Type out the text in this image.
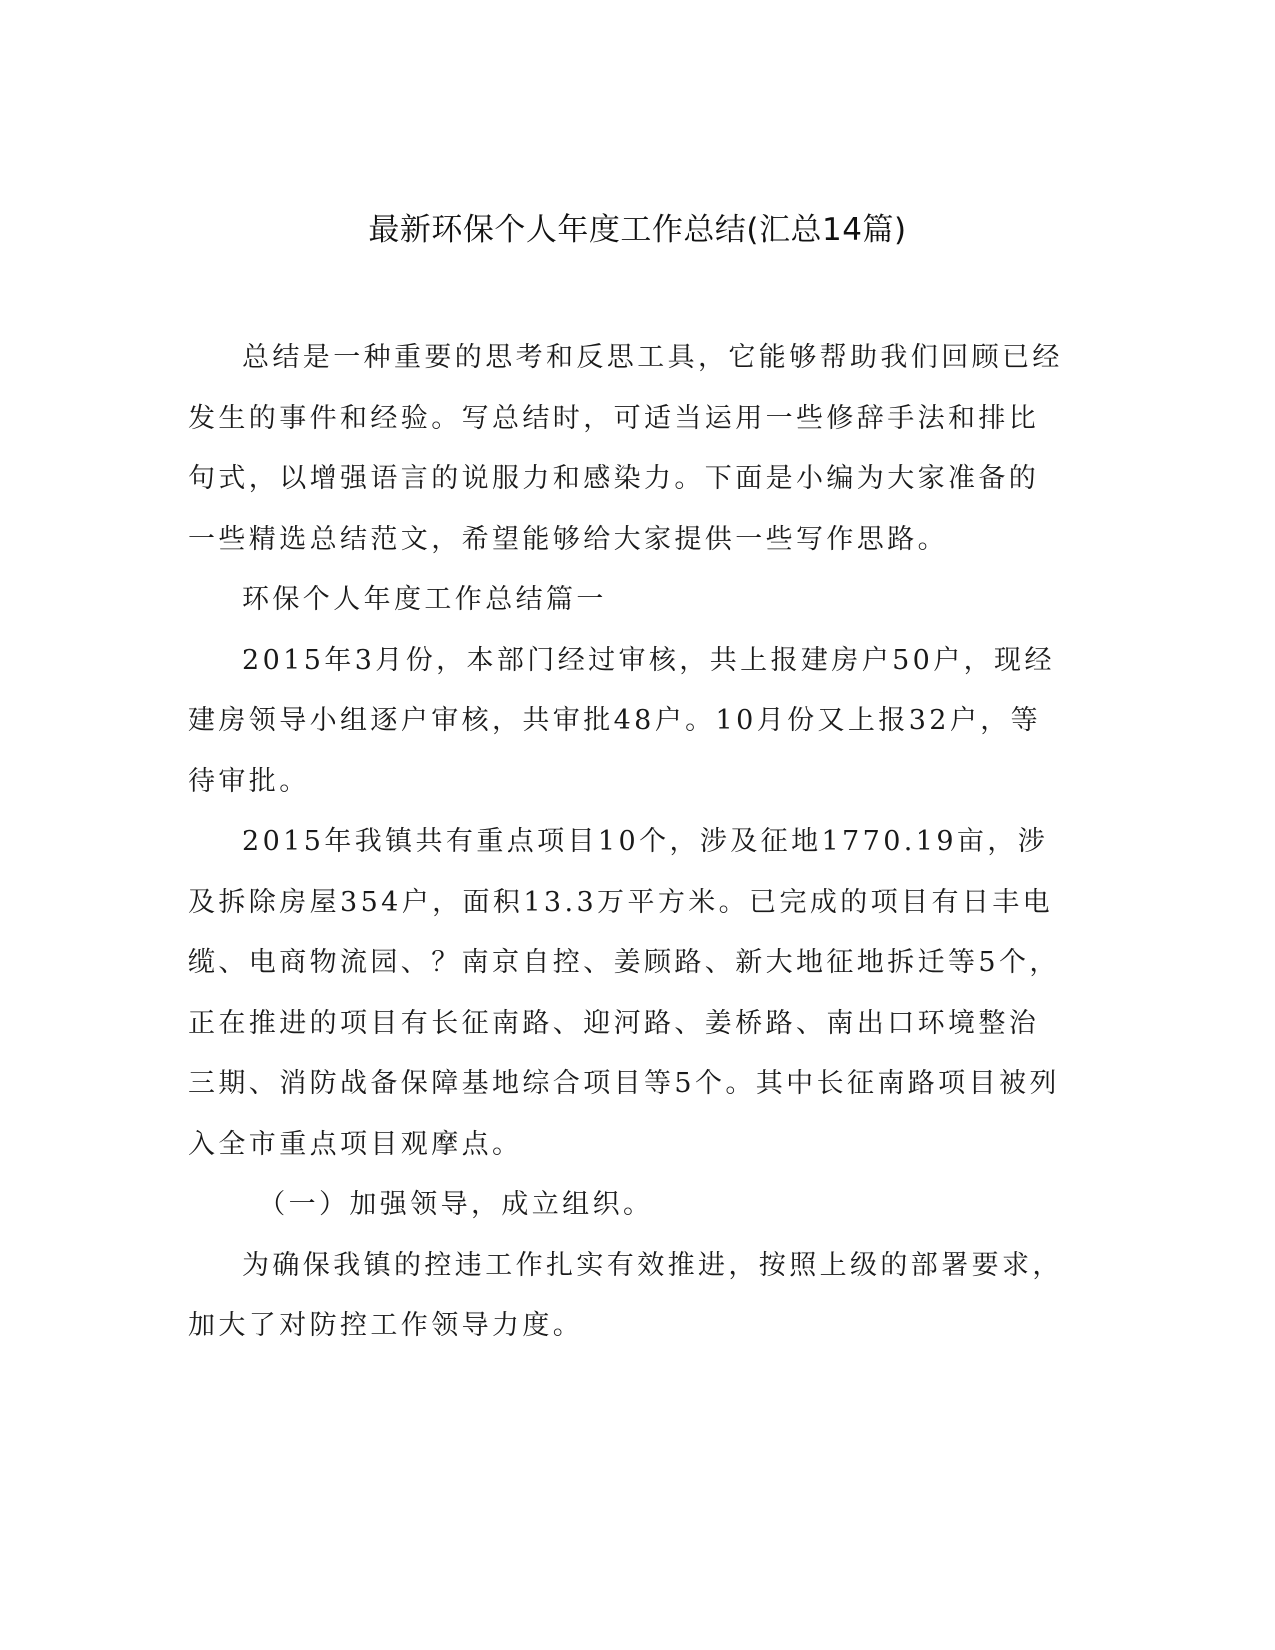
最新环保个人年度工作总结(汇总14篇)

总结是一种重要的思考和反思工具，它能够帮助我们回顾已经发生的事件和经验。写总结时，可适当运用一些修辞手法和排比句式，以增强语言的说服力和感染力。下面是小编为大家准备的一些精选总结范文，希望能够给大家提供一些写作思路。

环保个人年度工作总结篇一

2015年3月份，本部门经过审核，共上报建房户50户，现经建房领导小组逐户审核，共审批48户。10月份又上报32户，等待审批。

2015年我镇共有重点项目10个，涉及征地1770.19亩，涉及拆除房屋354户，面积13.3万平方米。已完成的项目有日丰电缆、电商物流园、？南京自控、姜顾路、新大地征地拆迁等5个，正在推进的项目有长征南路、迎河路、姜桥路、南出口环境整治三期、消防战备保障基地综合项目等5个。其中长征南路项目被列入全市重点项目观摩点。

（一）加强领导，成立组织。

为确保我镇的控违工作扎实有效推进，按照上级的部署要求，加大了对防控工作领导力度。
